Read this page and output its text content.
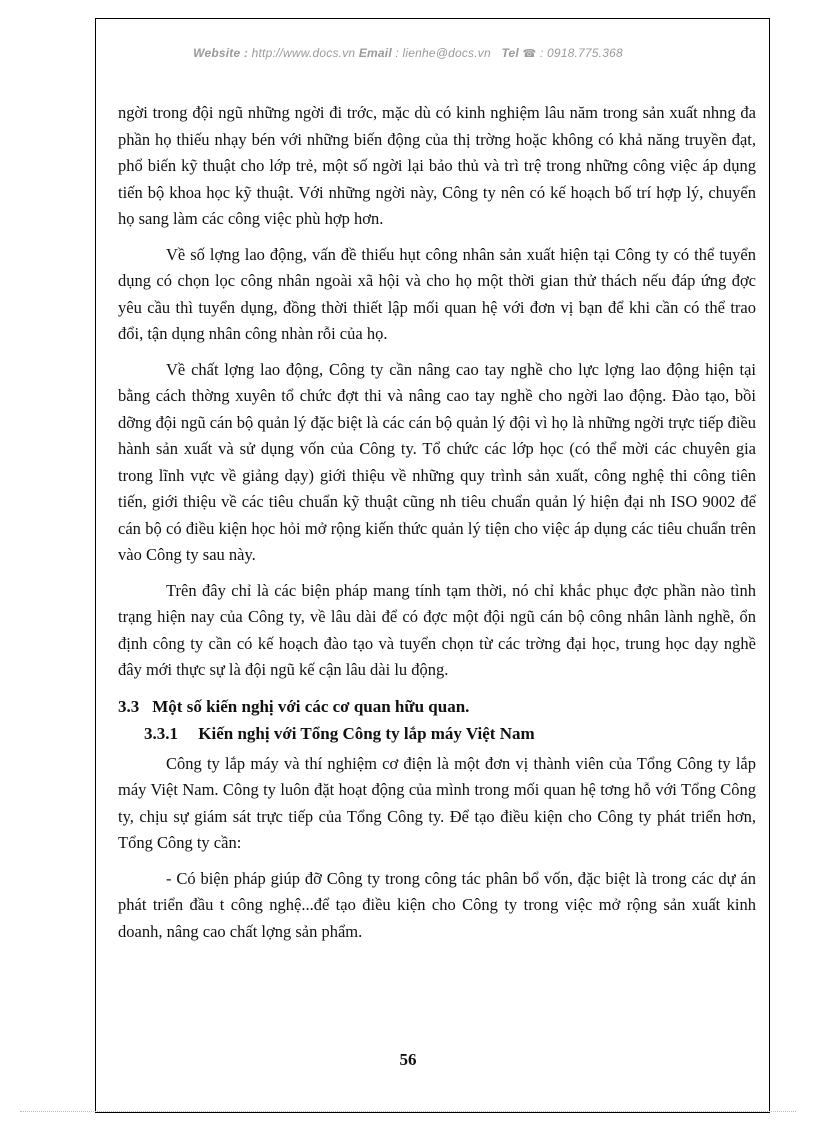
Website : http://www.docs.vn Email : lienhe@docs.vn Tel ☎ : 0918.775.368

ngời trong đội ngũ những ngời đi trớc, mặc dù có kinh nghiệm lâu năm trong sản xuất nhng đa phần họ thiếu nhạy bén với những biến động của thị trờng hoặc không có khả năng truyền đạt, phổ biến kỹ thuật cho lớp trẻ, một số ngời lại bảo thủ và trì trệ trong những công việc áp dụng tiến bộ khoa học kỹ thuật. Với những ngời này, Công ty nên có kế hoạch bố trí hợp lý, chuyển họ sang làm các công việc phù hợp hơn.

Về số lợng lao động, vấn đề thiếu hụt công nhân sản xuất hiện tại Công ty có thể tuyển dụng có chọn lọc công nhân ngoài xã hội và cho họ một thời gian thử thách nếu đáp ứng đợc yêu cầu thì tuyển dụng, đồng thời thiết lập mối quan hệ với đơn vị bạn để khi cần có thể trao đổi, tận dụng nhân công nhàn rỗi của họ.

Về chất lợng lao động, Công ty cần nâng cao tay nghề cho lực lợng lao động hiện tại bằng cách thờng xuyên tổ chức đợt thi và nâng cao tay nghề cho ngời lao động. Đào tạo, bồi dỡng đội ngũ cán bộ quản lý đặc biệt là các cán bộ quản lý đội vì họ là những ngời trực tiếp điều hành sản xuất và sử dụng vốn của Công ty. Tổ chức các lớp học (có thể mời các chuyên gia trong lĩnh vực về giảng dạy) giới thiệu về những quy trình sản xuất, công nghệ thi công tiên tiến, giới thiệu về các tiêu chuẩn kỹ thuật cũng nh tiêu chuẩn quản lý hiện đại nh ISO 9002 để cán bộ có điều kiện học hỏi mở rộng kiến thức quản lý tiện cho việc áp dụng các tiêu chuẩn trên vào Công ty sau này.

Trên đây chỉ là các biện pháp mang tính tạm thời, nó chỉ khắc phục đợc phần nào tình trạng hiện nay của Công ty, về lâu dài để có đợc một đội ngũ cán bộ công nhân lành nghề, ổn định công ty cần có kế hoạch đào tạo và tuyển chọn từ các trờng đại học, trung học dạy nghề đây mới thực sự là đội ngũ kế cận lâu dài lu động.

3.3 Một số kiến nghị với các cơ quan hữu quan.
3.3.1 Kiến nghị với Tổng Công ty lắp máy Việt Nam

Công ty lắp máy và thí nghiệm cơ điện là một đơn vị thành viên của Tổng Công ty lắp máy Việt Nam. Công ty luôn đặt hoạt động của mình trong mối quan hệ tơng hỗ với Tổng Công ty, chịu sự giám sát trực tiếp của Tổng Công ty. Để tạo điều kiện cho Công ty phát triển hơn, Tổng Công ty cần:

- Có biện pháp giúp đỡ Công ty trong công tác phân bổ vốn, đặc biệt là trong các dự án phát triển đầu t công nghệ...để tạo điều kiện cho Công ty trong việc mở rộng sản xuất kinh doanh, nâng cao chất lợng sản phẩm.

56
